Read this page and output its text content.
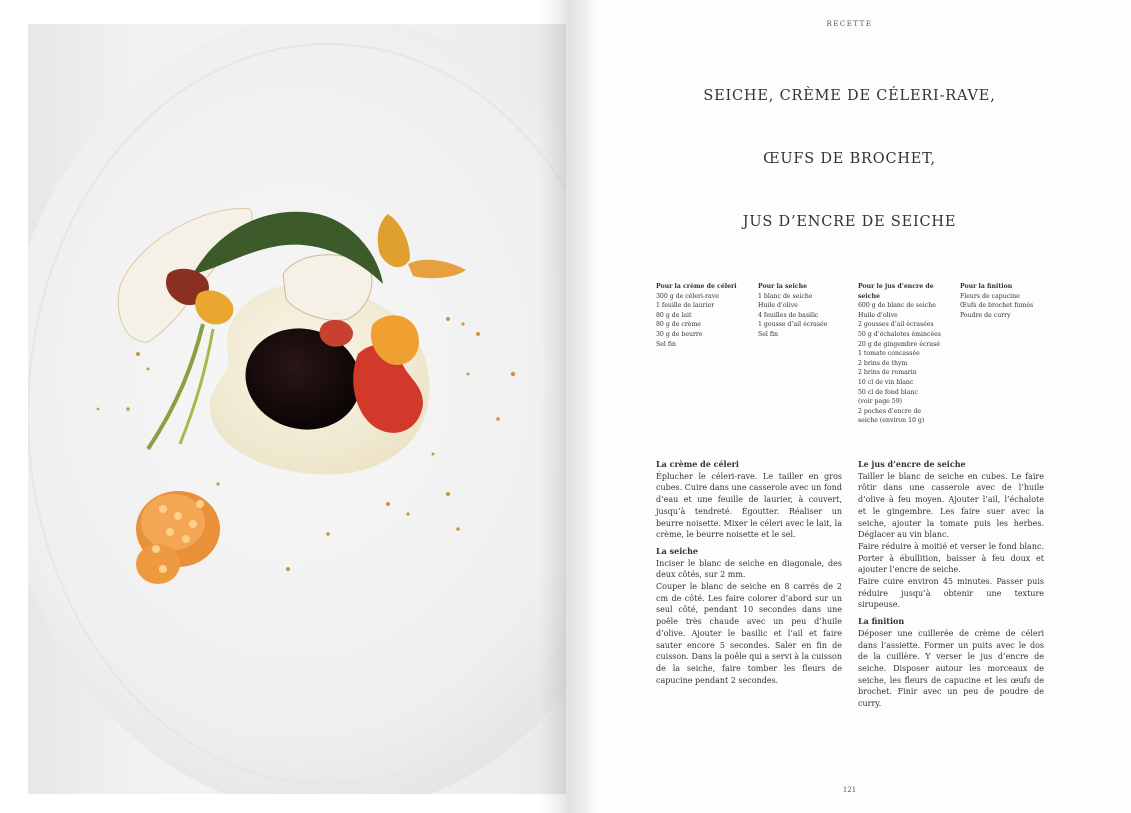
RECETTE
SEICHE, CRÈME DE CÉLERI-RAVE,
ŒUFS DE BROCHET,
JUS D’ENCRE DE SEICHE
Pour la crème de céleri
300 g de céleri-rave
1 feuille de laurier
80 g de lait
80 g de crème
30 g de beurre
Sel fin
Pour la seiche
1 blanc de seiche
Huile d’olive
4 feuilles de basilic
1 gousse d’ail écrasée
Sel fin
Pour le jus d’encre de seiche
600 g de blanc de seiche
Huile d’olive
2 gousses d’ail écrasées
50 g d’échalotes émincées
20 g de gingembre écrasé
1 tomate concassée
2 brins de thym
2 brins de romarin
10 cl de vin blanc
50 cl de fond blanc
(voir page 59)
2 poches d’encre de
seiche (environ 10 g)
Pour la finition
Fleurs de capucine
Œufs de brochet fumés
Poudre de curry
La crème de céleri

Éplucher le céleri-rave. Le tailler en gros cubes. Cuire dans une casserole avec un fond d’eau et une feuille de laurier, à couvert, jusqu’à tendreté. Égoutter. Réaliser un beurre noisette. Mixer le céleri avec le lait, la crème, le beurre noisette et le sel.

La seiche

Inciser le blanc de seiche en diagonale, des deux côtés, sur 2 mm.

Couper le blanc de seiche en 8 carrés de 2 cm de côté. Les faire colorer d’abord sur un seul côté, pendant 10 secondes dans une poêle très chaude avec un peu d’huile d’olive. Ajouter le basilic et l’ail et faire sauter encore 5 secondes. Saler en fin de cuisson. Dans la poêle qui a servi à la cuisson de la seiche, faire tomber les fleurs de capucine pendant 2 secondes.

Le jus d’encre de seiche

Tailler le blanc de seiche en cubes. Le faire rôtir dans une casserole avec de l’huile d’olive à feu moyen. Ajouter l’ail, l’échalote et le gingembre. Les faire suer avec la seiche, ajouter la tomate puis les herbes. Déglacer au vin blanc.

Faire réduire à moitié et verser le fond blanc. Porter à ébullition, baisser à feu doux et ajouter l’encre de seiche.

Faire cuire environ 45 minutes. Passer puis réduire jusqu’à obtenir une texture sirupeuse.

La finition

Déposer une cuillerée de crème de céleri dans l’assiette. Former un puits avec le dos de la cuillère. Y verser le jus d’encre de seiche. Disposer autour les morceaux de seiche, les fleurs de capucine et les œufs de brochet. Finir avec un peu de poudre de curry.

121
